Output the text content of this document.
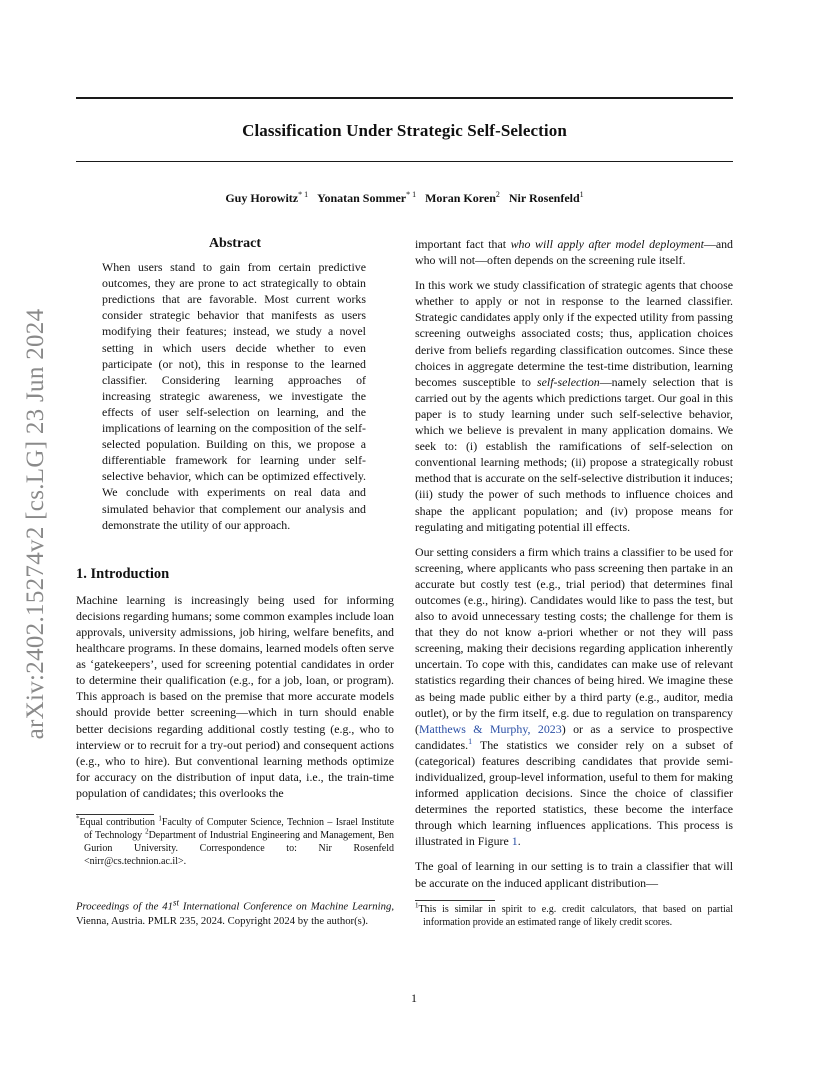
Classification Under Strategic Self-Selection
Guy Horowitz$^{* 1}$ Yonatan Sommer$^{* 1}$ Moran Koren$^2$ Nir Rosenfeld$^1$
arXiv:2402.15274v2 [cs.LG] 23 Jun 2024
Abstract

When users stand to gain from certain predictive outcomes, they are prone to act strategically to obtain predictions that are favorable. Most current works consider strategic behavior that manifests as users modifying their features; instead, we study a novel setting in which users decide whether to even participate (or not), this in response to the learned classifier. Considering learning approaches of increasing strategic awareness, we investigate the effects of user self-selection on learning, and the implications of learning on the composition of the self-selected population. Building on this, we propose a differentiable framework for learning under self-selective behavior, which can be optimized effectively. We conclude with experiments on real data and simulated behavior that complement our analysis and demonstrate the utility of our approach.

1. Introduction

Machine learning is increasingly being used for informing decisions regarding humans; some common examples include loan approvals, university admissions, job hiring, welfare benefits, and healthcare programs. In these domains, learned models often serve as ‘gatekeepers’, used for screening potential candidates in order to determine their qualification (e.g., for a job, loan, or program). This approach is based on the premise that more accurate models should provide better screening—which in turn should enable better decisions regarding additional costly testing (e.g., who to interview or to recruit for a try-out period) and consequent actions (e.g., who to hire). But conventional learning methods optimize for accuracy on the distribution of input data, i.e., the train-time population of candidates; this overlooks the

*Equal contribution $^1$Faculty of Computer Science, Technion – Israel Institute of Technology $^2$Department of Industrial Engineering and Management, Ben Gurion University. Correspondence to: Nir Rosenfeld <nirr@cs.technion.ac.il>.

Proceedings of the 41st International Conference on Machine Learning, Vienna, Austria. PMLR 235, 2024. Copyright 2024 by the author(s).

important fact that who will apply after model deployment—and who will not—often depends on the screening rule itself.

In this work we study classification of strategic agents that choose whether to apply or not in response to the learned classifier. Strategic candidates apply only if the expected utility from passing screening outweighs associated costs; thus, application choices derive from beliefs regarding classification outcomes. Since these choices in aggregate determine the test-time distribution, learning becomes susceptible to self-selection—namely selection that is carried out by the agents which predictions target. Our goal in this paper is to study learning under such self-selective behavior, which we believe is prevalent in many application domains. We seek to: (i) establish the ramifications of self-selection on conventional learning methods; (ii) propose a strategically robust method that is accurate on the self-selective distribution it induces; (iii) study the power of such methods to influence choices and shape the applicant population; and (iv) propose means for regulating and mitigating potential ill effects.

Our setting considers a firm which trains a classifier to be used for screening, where applicants who pass screening then partake in an accurate but costly test (e.g., trial period) that determines final outcomes (e.g., hiring). Candidates would like to pass the test, but also to avoid unnecessary testing costs; the challenge for them is that they do not know a-priori whether or not they will pass screening, making their decisions regarding application inherently uncertain. To cope with this, candidates can make use of relevant statistics regarding their chances of being hired. We imagine these as being made public either by a third party (e.g., auditor, media outlet), or by the firm itself, e.g. due to regulation on transparency (Matthews & Murphy, 2023) or as a service to prospective candidates.$^1$ The statistics we consider rely on a subset of (categorical) features describing candidates that provide semi-individualized, group-level information, useful to them for making informed application decisions. Since the choice of classifier determines the reported statistics, these become the interface through which learning influences applications. This process is illustrated in Figure 1.

The goal of learning in our setting is to train a classifier that will be accurate on the induced applicant distribution—

$^1$This is similar in spirit to e.g. credit calculators, that based on partial information provide an estimated range of likely credit scores.

1
